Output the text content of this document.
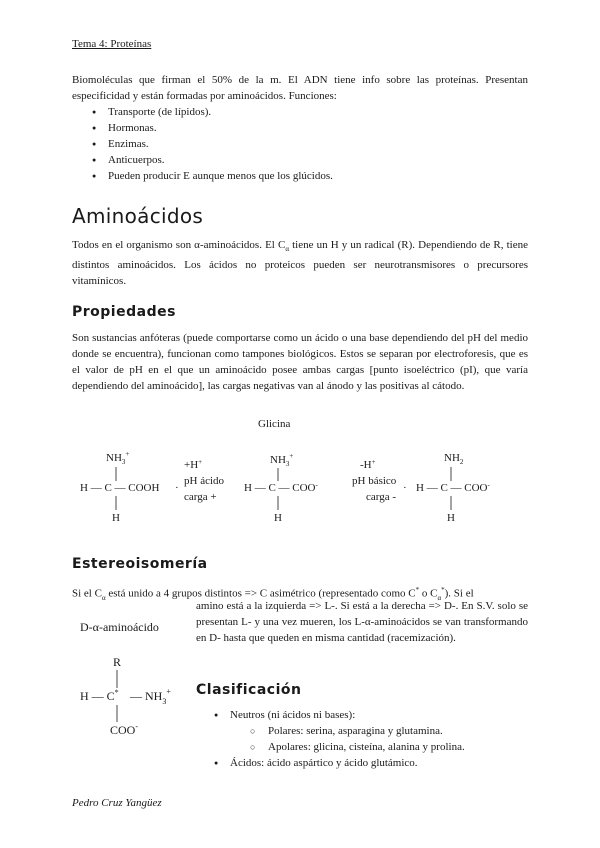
Tema 4: Proteínas

Biomoléculas que firman el 50% de la m. El ADN tiene info sobre las proteínas. Presentan especificidad y están formadas por aminoácidos. Funciones:

● Transporte (de lípidos).
● Hormonas.
● Enzimas.
● Anticuerpos.
● Pueden producir E aunque menos que los glúcidos.
Aminoácidos

Todos en el organismo son α-aminoácidos. El $C_\alpha$ tiene un H y un radical (R). Dependiendo de R, tiene distintos aminoácidos. Los ácidos no proteicos pueden ser neurotransmisores o precursores vitamínicos.

Propiedades

Son sustancias anfóteras (puede comportarse como un ácido o una base dependiendo del pH del medio donde se encuentra), funcionan como tampones biológicos. Estos se separan por electroforesis, que es el valor de pH en el que un aminoácido posee ambas cargas [punto isoeléctrico (pI), que varía dependiendo del aminoácido], las cargas negativas van al ánodo y las positivas al cátodo.

Glicina
$NH_3^+$
H — C — COOH ·
H
+H+
pH ácido
carga +
$NH_3^+$
H — C — COO-
H
-H+
pH básico
carga -
·
$NH_2$
H — C — COO-
H
Estereoisomería

Si el $C_\alpha$ está unido a 4 grupos distintos => C asimétrico (representado como C* o $C_\alpha^*$). Si el

amino está a la izquierda => L-. Si está a la derecha => D-. En S.V. solo se presentan L- y una vez mueren, los L-α-aminoácidos se van transformando en D- hasta que queden en misma cantidad (racemización).

D-α-aminoácido
R
H — C* — $NH_3^+$
COO-
Clasificación
● Neutros (ni ácidos ni bases):
○ Polares: serina, asparagina y glutamina.
○ Apolares: glicina, cisteína, alanina y prolina.
● Ácidos: ácido aspártico y ácido glutámico.
Pedro Cruz Yangüez
